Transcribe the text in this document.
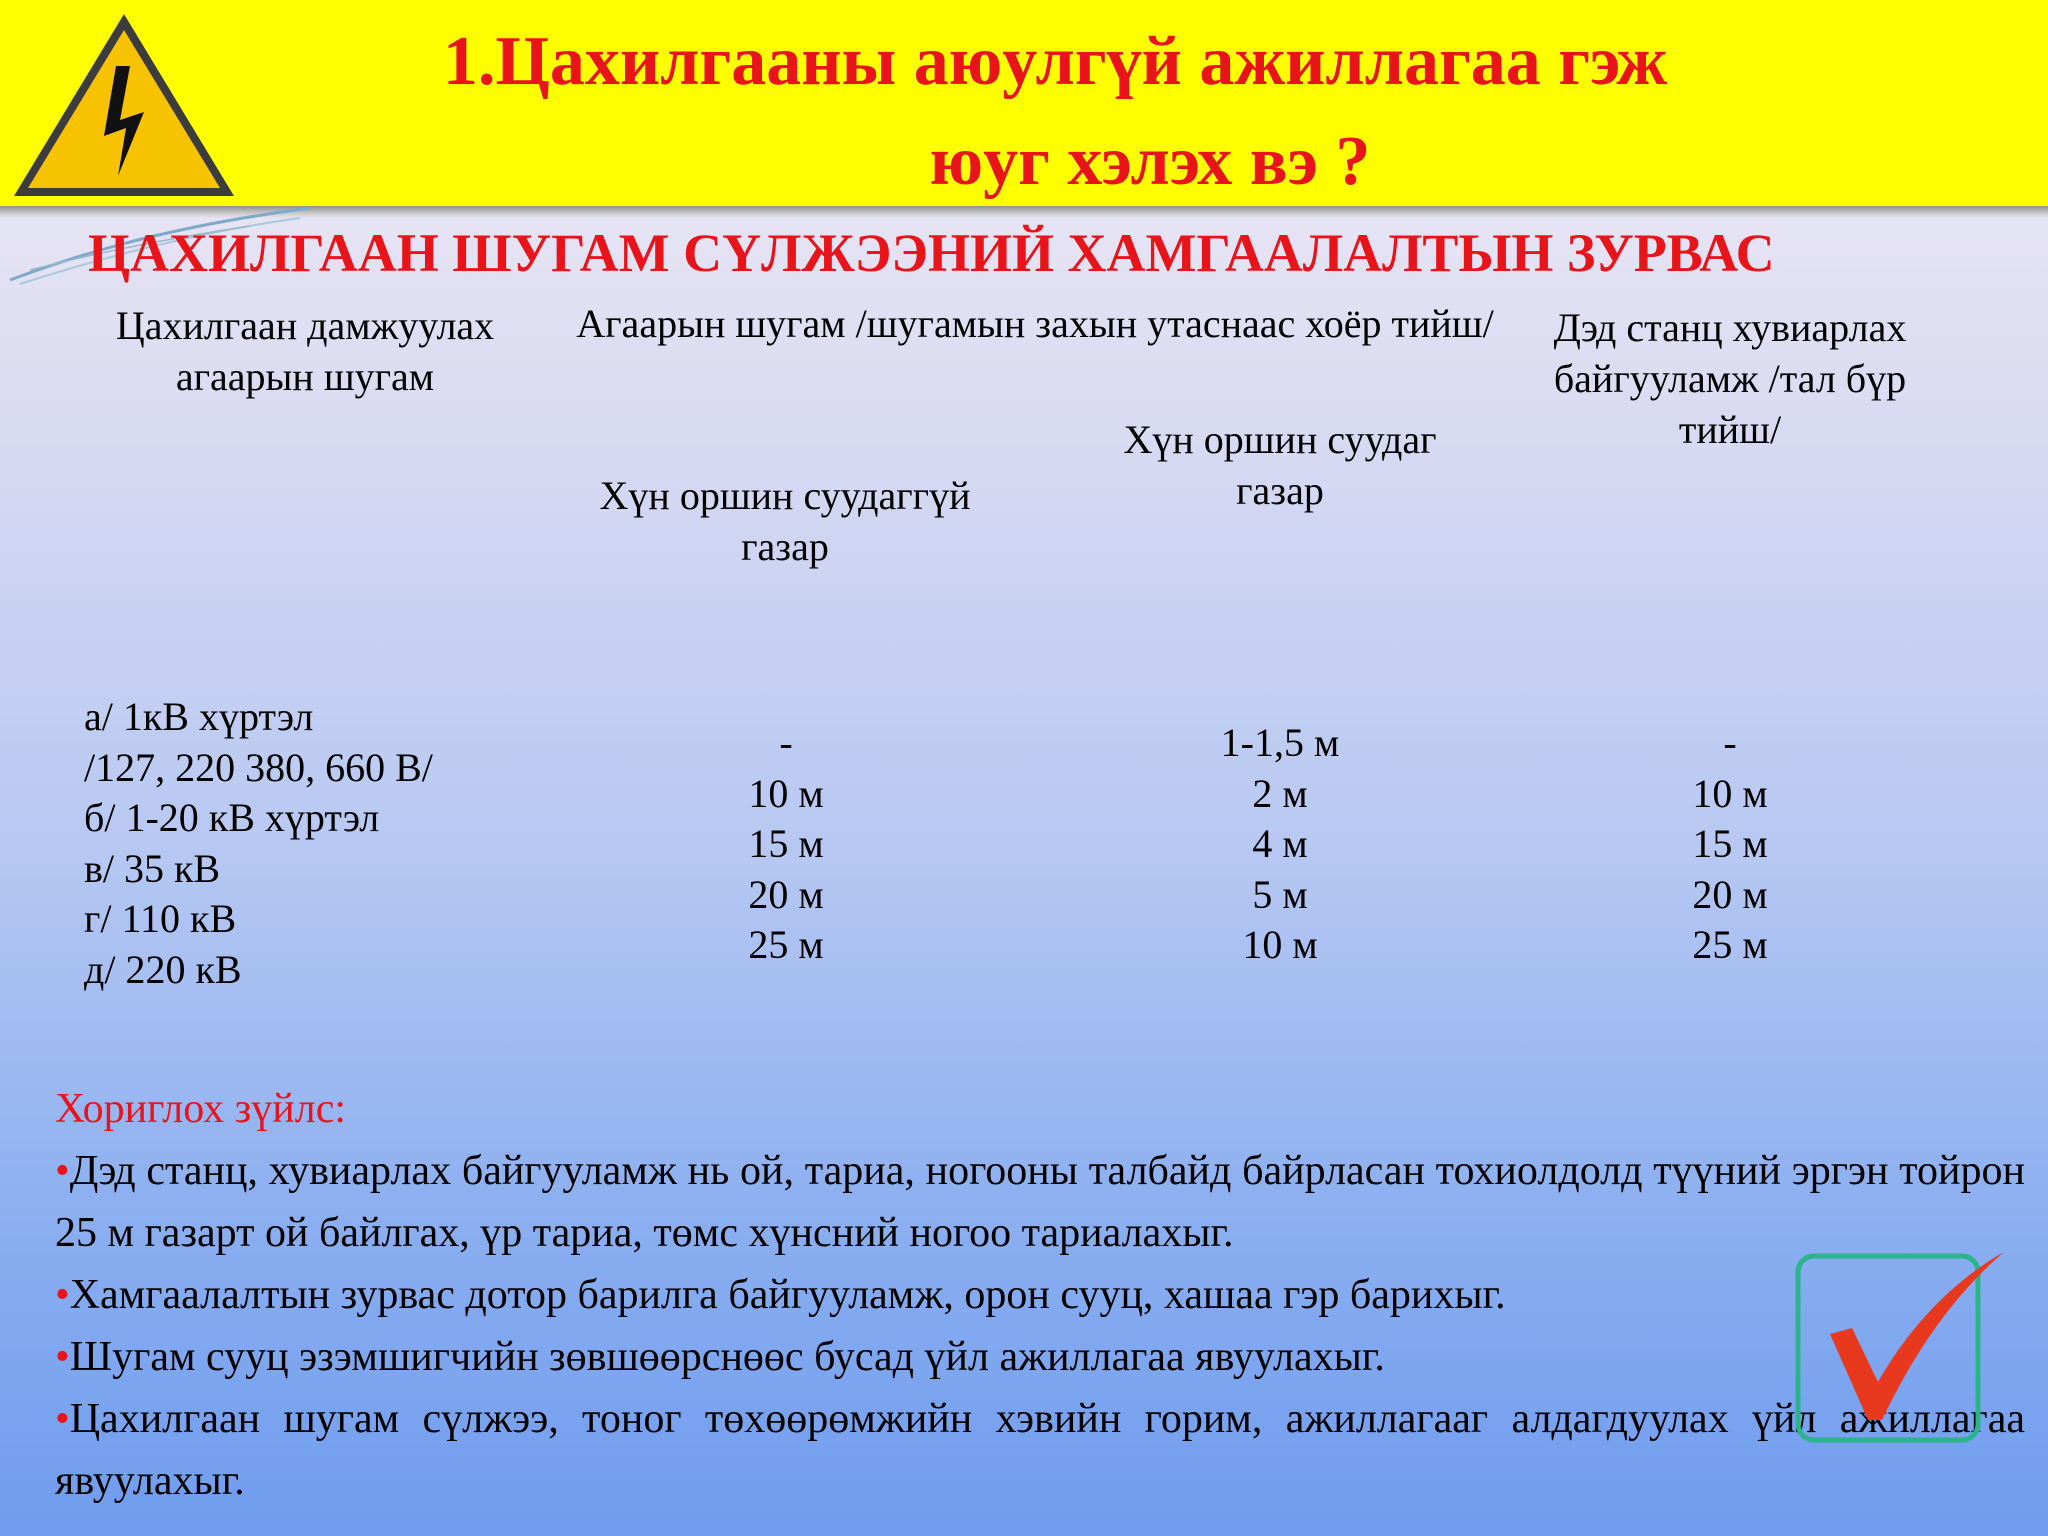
1.Цахилгааны аюулгүй ажиллагаа гэж
юуг хэлэх вэ ?
ЦАХИЛГААН ШУГАМ СҮЛЖЭЭНИЙ ХАМГААЛАЛТЫН ЗУРВАС
Цахилгаан дамжуулах агаарын шугам
Агаарын шугам /шугамын захын утаснаас хоёр тийш/	Дэд станц хувиарлах байгууламж /тал бүр тийш/
Хүн оршин суудаггүй газар
Хүн оршин суудаг газар
а/ 1кВ хүртэл
/127, 220 380, 660 В/
б/ 1-20 кВ хүртэл
в/ 35 кВ
г/ 110 кВ
д/ 220 кВ
-
10 м
15 м
20 м
25 м
1-1,5 м
2 м
4 м
5 м
10 м
-
10 м
15 м
20 м
25 м
Хориглох зүйлс:
•Дэд станц, хувиарлах байгууламж нь ой, тариа, ногооны талбайд байрласан тохиолдолд түүний эргэн тойрон 25 м газарт ой байлгах, үр тариа, төмс хүнсний ногоо тариалахыг.
•Хамгаалалтын зурвас дотор барилга байгууламж, орон сууц, хашаа гэр барихыг.
•Шугам сууц эзэмшигчийн зөвшөөрснөөс бусад үйл ажиллагаа явуулахыг.
•Цахилгаан шугам сүлжээ, тоног төхөөрөмжийн хэвийн горим, ажиллагааг алдагдуулах үйл ажиллагаа явуулахыг.
